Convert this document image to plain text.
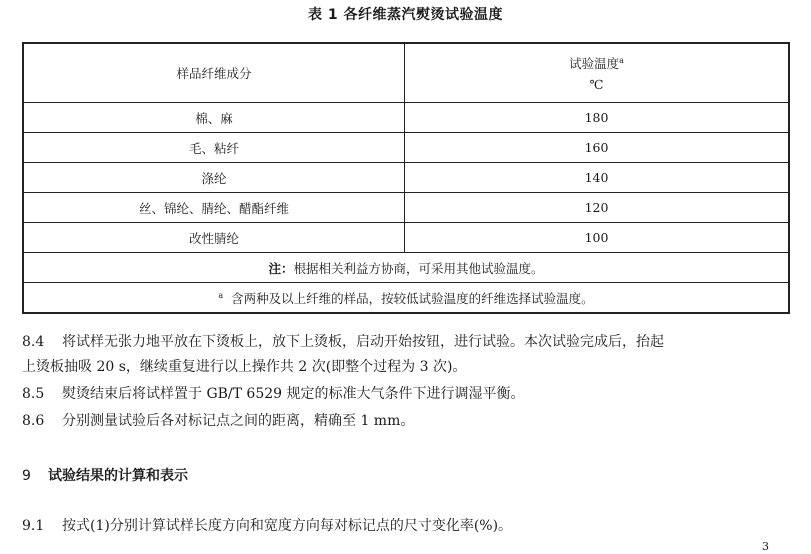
表 1 各纤维蒸汽熨烫试验温度
样品纤维成分	试验温度$^a$
℃
棉、麻	180
毛、粘纤	160
涤纶	140
丝、锦纶、腈纶、醋酯纤维	120
改性腈纶	100
注：根据相关利益方协商，可采用其他试验温度。	
$^a$ 含两种及以上纤维的样品，按较低试验温度的纤维选择试验温度。	
8.4 将试样无张力地平放在下烫板上，放下上烫板，启动开始按钮，进行试验。本次试验完成后，抬起
上烫板抽吸 20 s，继续重复进行以上操作共 2 次(即整个过程为 3 次)。
8.5 熨烫结束后将试样置于 GB/T 6529 规定的标准大气条件下进行调湿平衡。
8.6 分别测量试验后各对标记点之间的距离，精确至 1 mm。
9 试验结果的计算和表示
9.1 按式(1)分别计算试样长度方向和宽度方向每对标记点的尺寸变化率(%)。
3
